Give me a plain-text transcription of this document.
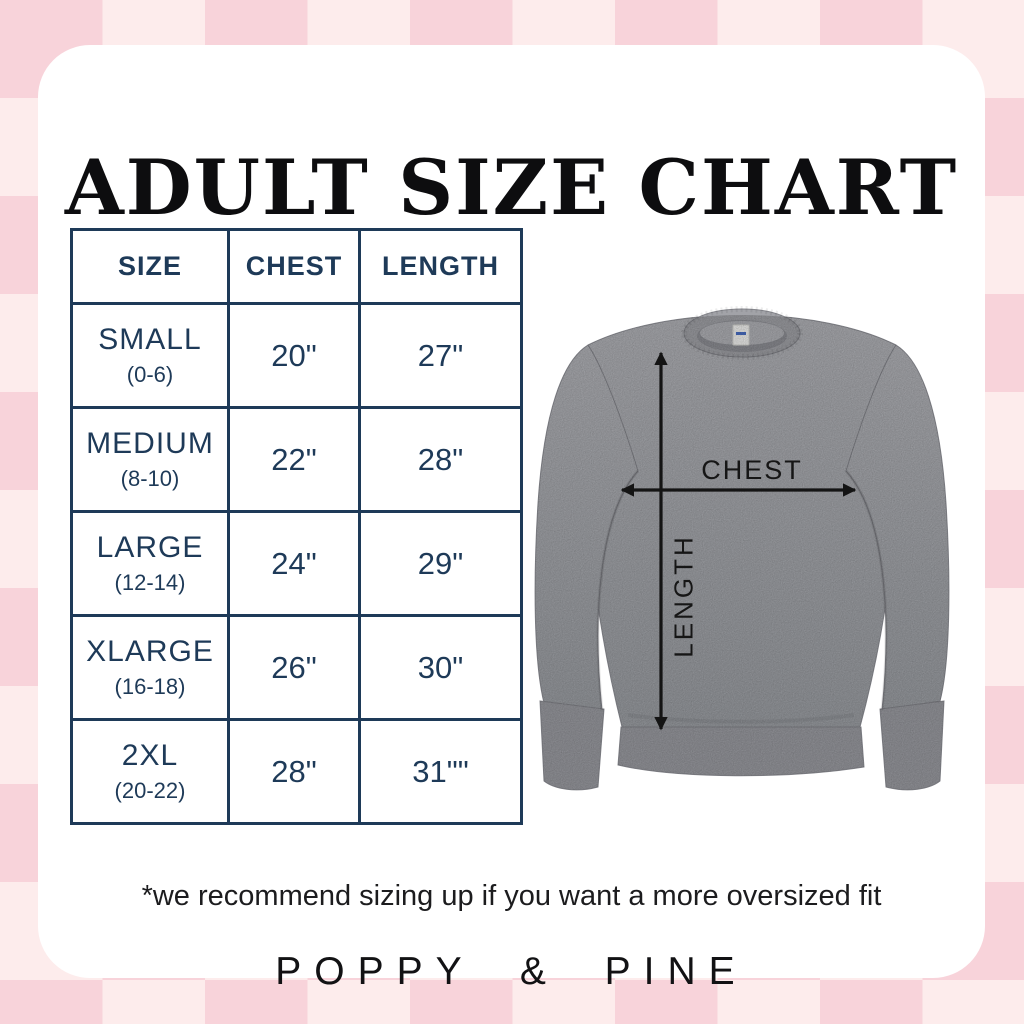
ADULT SIZE CHART
SIZE	CHEST	LENGTH

SMALL
(0-6)	20"	27"

MEDIUM
(8-10)	22"	28"

LARGE
(12-14)	24"	29"

XLARGE
(16-18)	26"	30"

2XL
(20-22)	28"	31""
CHEST
LENGTH

*we recommend sizing up if you want a more oversized fit

POPPY & PINE
